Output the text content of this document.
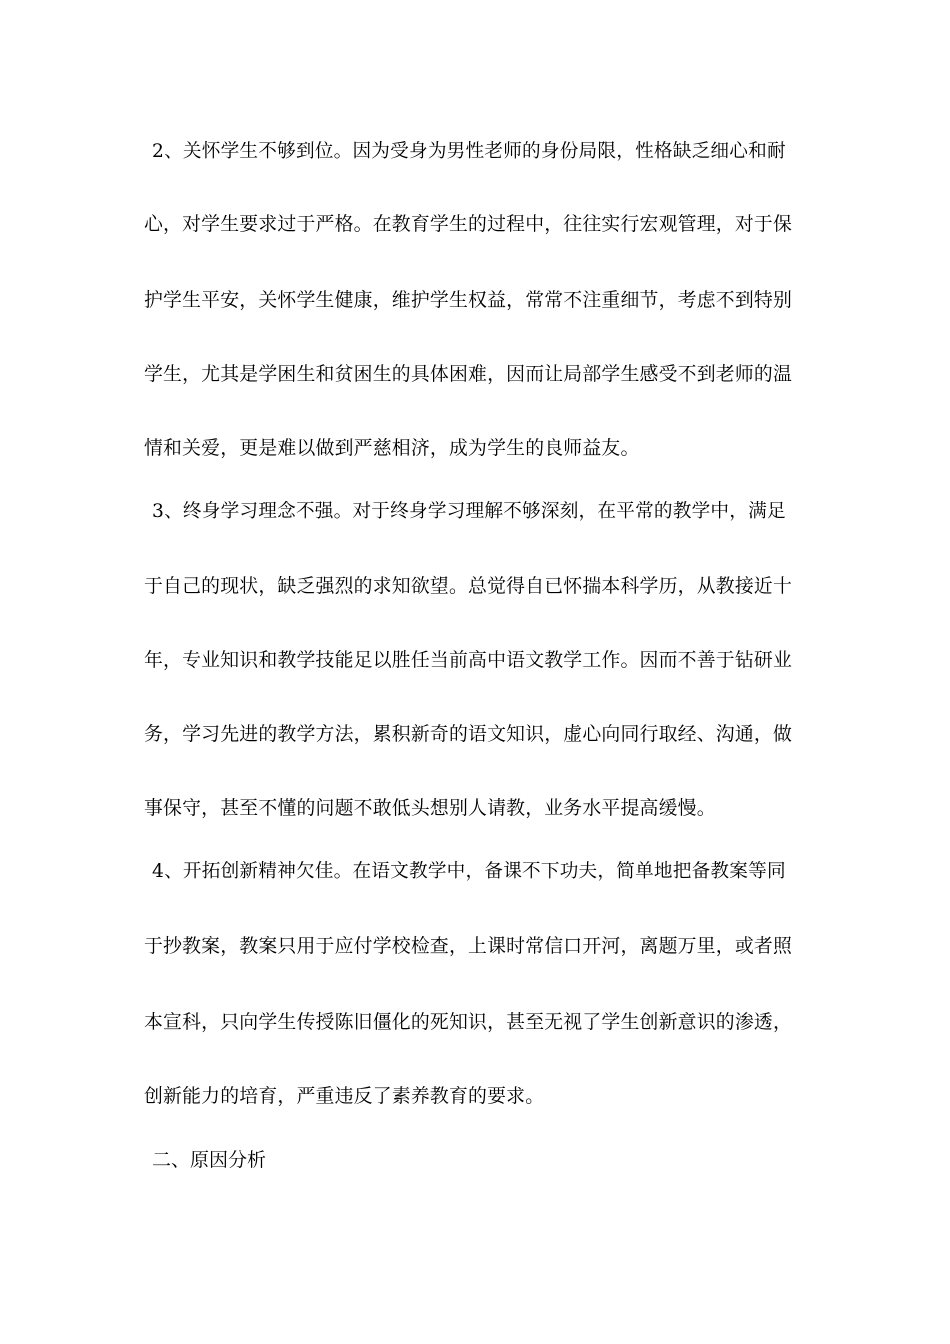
2、关怀学生不够到位。因为受身为男性老师的身份局限，性格缺乏细心和耐
心，对学生要求过于严格。在教育学生的过程中，往往实行宏观管理，对于保
护学生平安，关怀学生健康，维护学生权益，常常不注重细节，考虑不到特别
学生，尤其是学困生和贫困生的具体困难，因而让局部学生感受不到老师的温
情和关爱，更是难以做到严慈相济，成为学生的良师益友。
3、终身学习理念不强。对于终身学习理解不够深刻，在平常的教学中，满足
于自己的现状，缺乏强烈的求知欲望。总觉得自已怀揣本科学历，从教接近十
年，专业知识和教学技能足以胜任当前高中语文教学工作。因而不善于钻研业
务，学习先进的教学方法，累积新奇的语文知识，虚心向同行取经、沟通，做
事保守，甚至不懂的问题不敢低头想别人请教，业务水平提高缓慢。
4、开拓创新精神欠佳。在语文教学中，备课不下功夫，简单地把备教案等同
于抄教案，教案只用于应付学校检查，上课时常信口开河，离题万里，或者照
本宣科，只向学生传授陈旧僵化的死知识，甚至无视了学生创新意识的渗透，
创新能力的培育，严重违反了素养教育的要求。
二、原因分析
